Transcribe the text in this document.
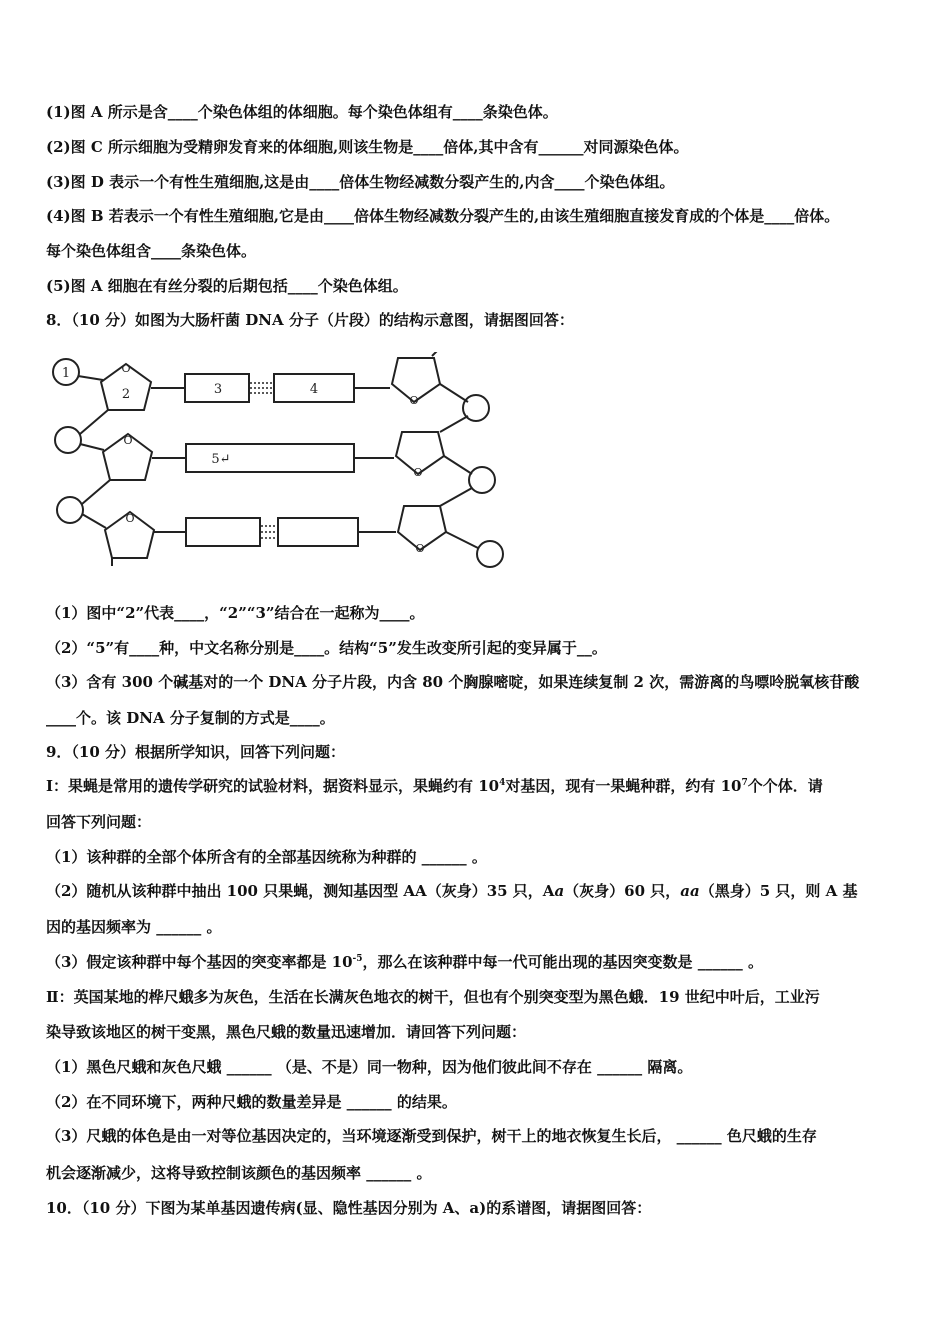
(1)图 A 所示是含____个染色体组的体细胞。每个染色体组有____条染色体。
(2)图 C 所示细胞为受精卵发育来的体细胞,则该生物是____倍体,其中含有______对同源染色体。
(3)图 D 表示一个有性生殖细胞,这是由____倍体生物经减数分裂产生的,内含____个染色体组。
(4)图 B 若表示一个有性生殖细胞,它是由____倍体生物经减数分裂产生的,由该生殖细胞直接发育成的个体是____倍体。
每个染色体组含____条染色体。
(5)图 A 细胞在有丝分裂的后期包括____个染色体组。
8．（10 分）如图为大肠杆菌 DNA 分子（片段）的结构示意图，请据图回答：
1
2	3	4
5↵
O
O
O
O
O
O
（1）图中“2”代表____，“2”“3”结合在一起称为____。
（2）“5”有____种，中文名称分别是____。结构“5”发生改变所引起的变异属于__。
（3）含有 300 个碱基对的一个 DNA 分子片段，内含 80 个胸腺嘧啶，如果连续复制 2 次，需游离的鸟嘌呤脱氧核苷酸
____个。该 DNA 分子复制的方式是____。
9．（10 分）根据所学知识，回答下列问题：
Ⅰ：果蝇是常用的遗传学研究的试验材料，据资料显示，果蝇约有 $10^4$对基因，现有一果蝇种群，约有 $10^7$个个体．请
回答下列问题：
（1）该种群的全部个体所含有的全部基因统称为种群的 ______ 。
（2）随机从该种群中抽出 100 只果蝇，测知基因型 AA（灰身）35 只，Aa（灰身）60 只，aa（黑身）5 只，则 A 基
因的基因频率为 ______ 。
（3）假定该种群中每个基因的突变率都是 $10^{-5}$，那么在该种群中每一代可能出现的基因突变数是 ______ 。
Ⅱ：英国某地的桦尺蛾多为灰色，生活在长满灰色地衣的树干，但也有个别突变型为黑色蛾．19 世纪中叶后，工业污
染导致该地区的树干变黑，黑色尺蛾的数量迅速增加．请回答下列问题：
（1）黑色尺蛾和灰色尺蛾 ______ （是、不是）同一物种，因为他们彼此间不存在 ______ 隔离。
（2）在不同环境下，两种尺蛾的数量差异是 ______ 的结果。
（3）尺蛾的体色是由一对等位基因决定的，当环境逐渐受到保护，树干上的地衣恢复生长后， ______ 色尺蛾的生存
机会逐渐减少，这将导致控制该颜色的基因频率 ______ 。
10．（10 分）下图为某单基因遗传病(显、隐性基因分别为 A、a)的系谱图，请据图回答：
